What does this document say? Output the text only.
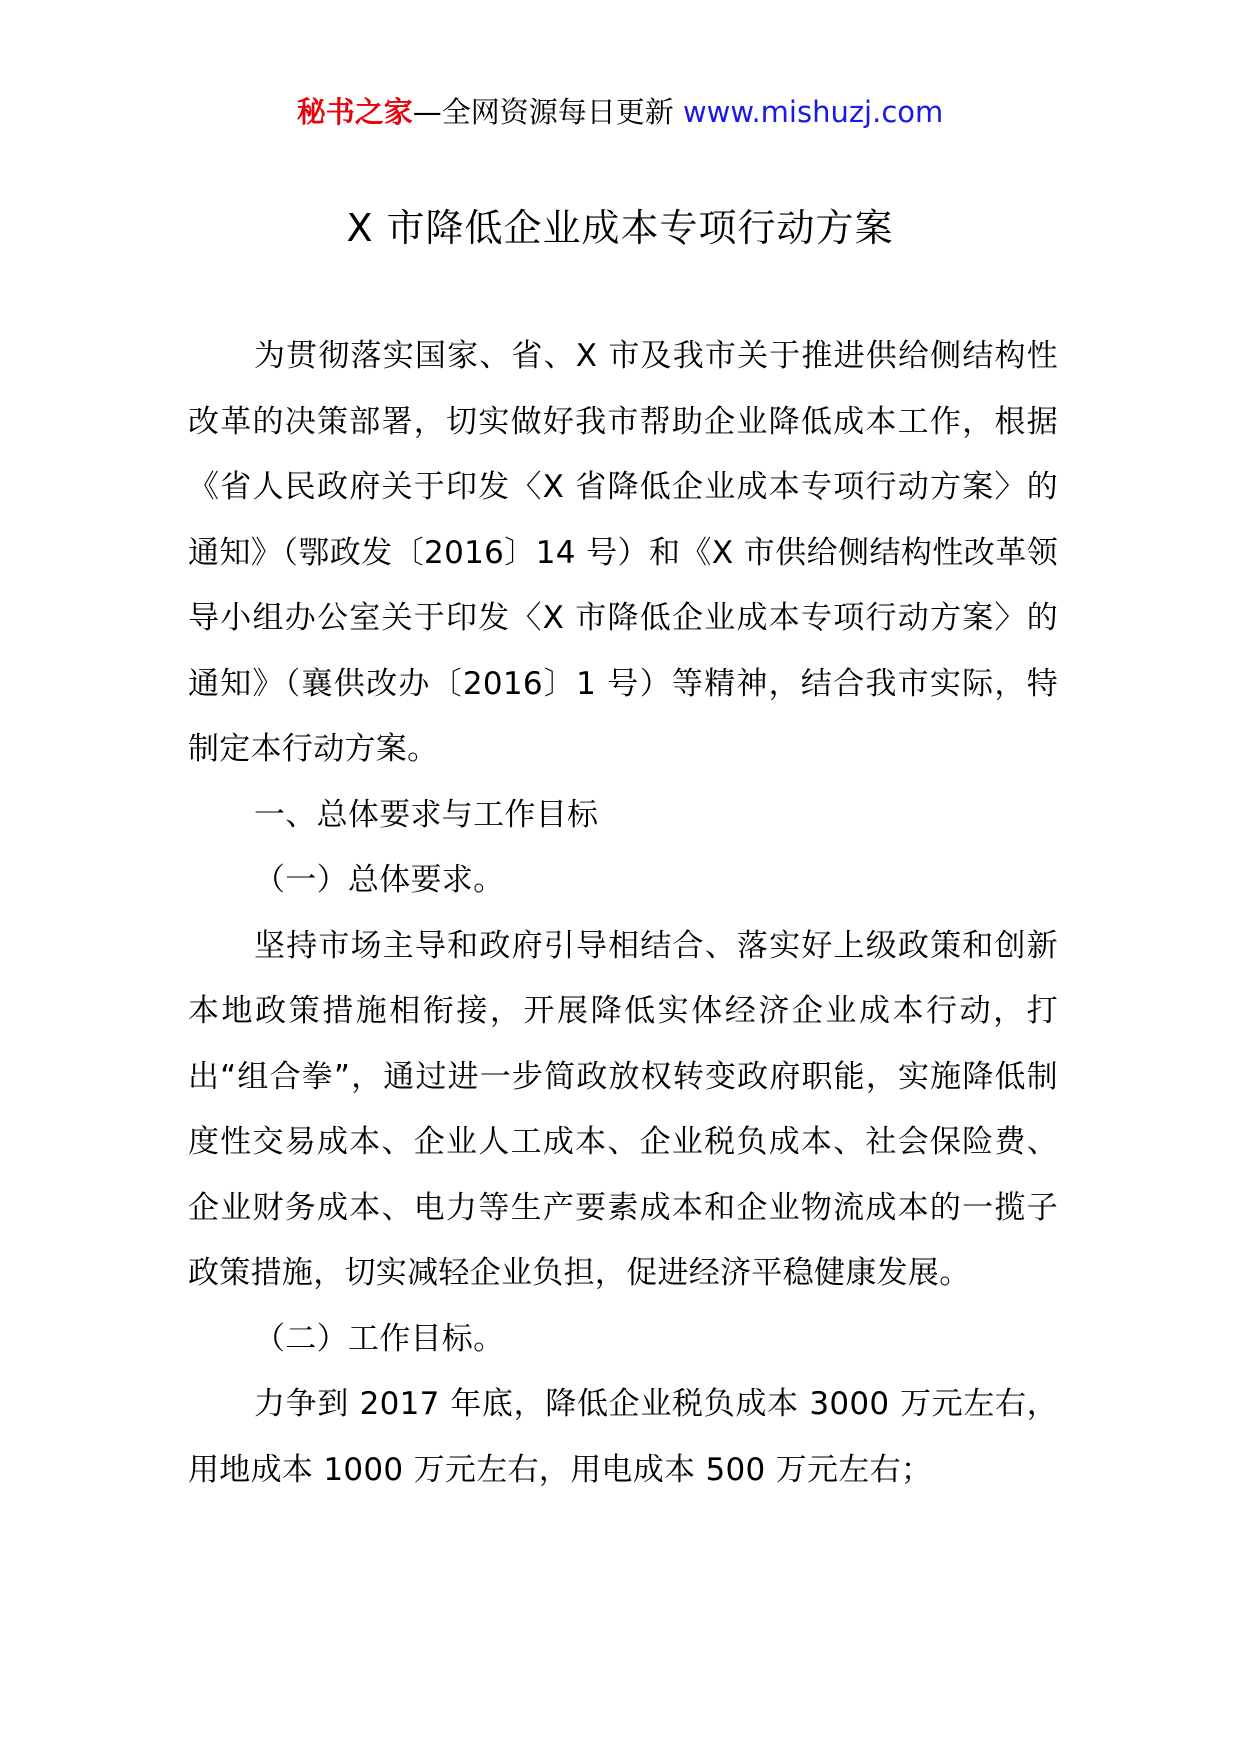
秘书之家—全网资源每日更新 www.mishuzj.com
X 市降低企业成本专项行动方案

为贯彻落实国家、省、X 市及我市关于推进供给侧结构性改革的决策部署，切实做好我市帮助企业降低成本工作，根据《省人民政府关于印发〈X 省降低企业成本专项行动方案〉的通知》（鄂政发〔2016〕14 号）和《X 市供给侧结构性改革领导小组办公室关于印发〈X 市降低企业成本专项行动方案〉的通知》（襄供改办〔2016〕1 号）等精神，结合我市实际，特制定本行动方案。

一、总体要求与工作目标

（一）总体要求。

坚持市场主导和政府引导相结合、落实好上级政策和创新本地政策措施相衔接，开展降低实体经济企业成本行动，打出“组合拳”，通过进一步简政放权转变政府职能，实施降低制度性交易成本、企业人工成本、企业税负成本、社会保险费、企业财务成本、电力等生产要素成本和企业物流成本的一揽子政策措施，切实减轻企业负担，促进经济平稳健康发展。

（二）工作目标。

力争到 2017 年底，降低企业税负成本 3000 万元左右，用地成本 1000 万元左右，用电成本 500 万元左右；
